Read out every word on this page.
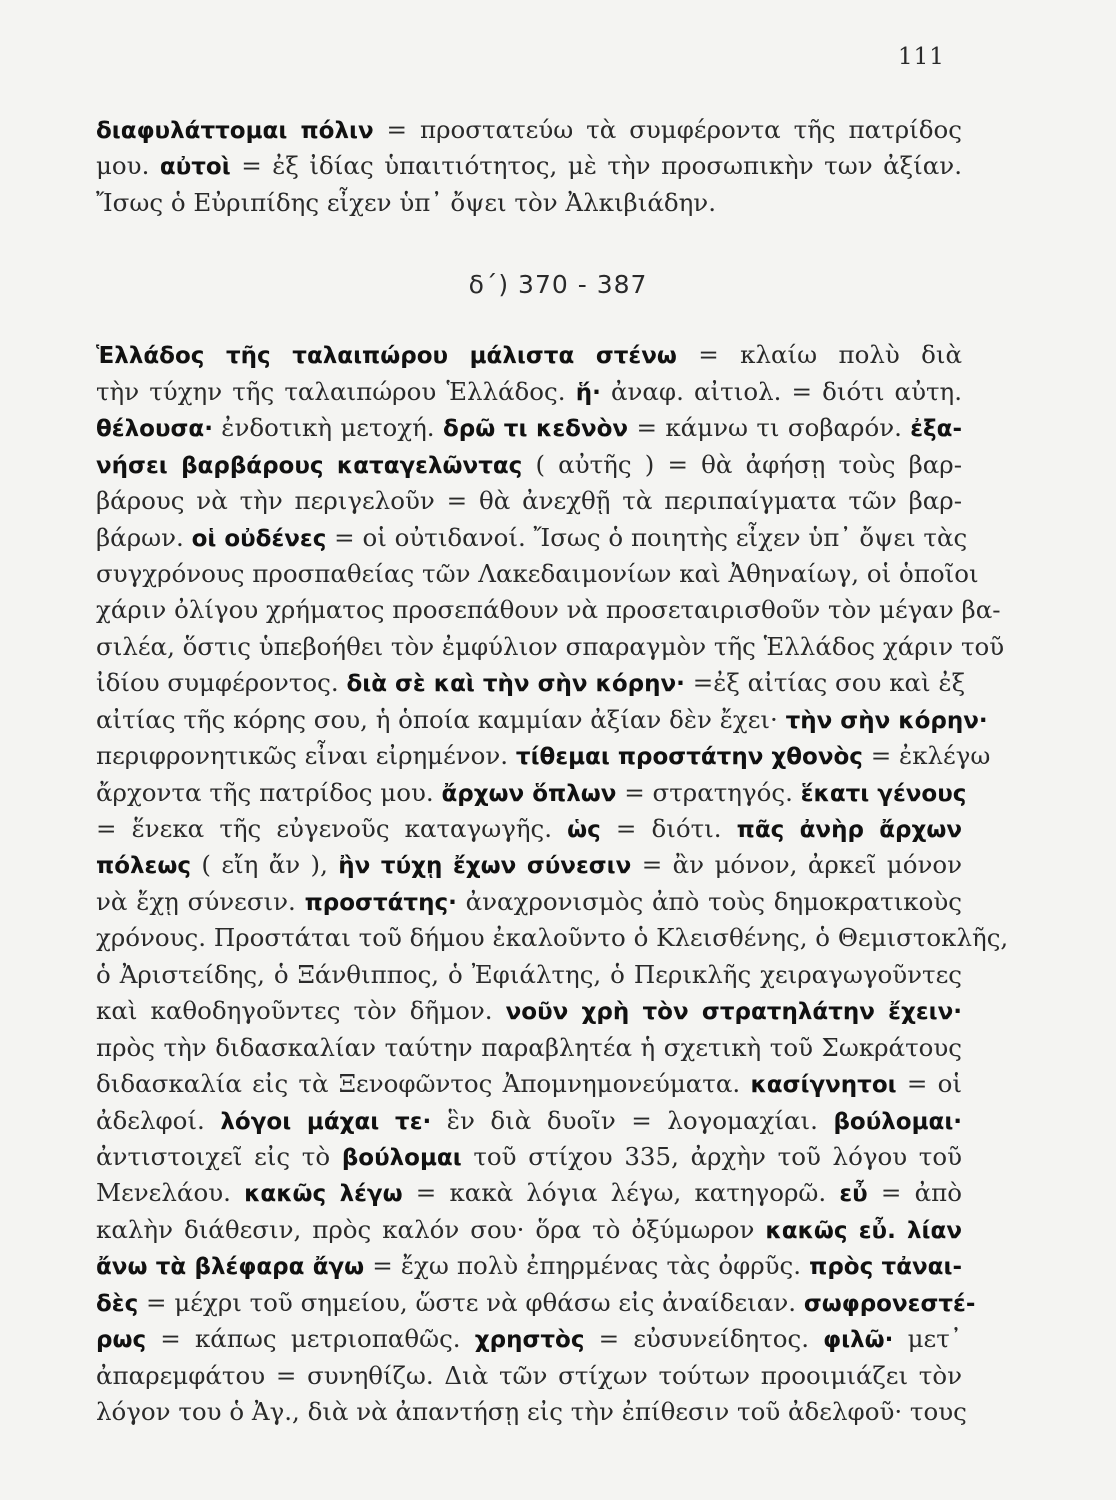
111
δ΄) 370 - 387
διαφυλάττομαι πόλιν = προστατεύω τὰ συμφέροντα τῆς πατρίδος
μου. αὐτοὶ = ἐξ ἰδίας ὑπαιτιότητος, μὲ τὴν προσωπικὴν των ἀξίαν.
Ἴσως ὁ Εὐριπίδης εἶχεν ὑπ᾽ ὄψει τὸν Ἀλκιβιάδην.
Ἑλλάδος τῆς ταλαιπώρου μάλιστα στένω = κλαίω πολὺ διὰ
τὴν τύχην τῆς ταλαιπώρου Ἑλλάδος. ἥ· ἀναφ. αἰτιολ. = διότι αὐτη.
θέλουσα· ἐνδοτικὴ μετοχή. δρῶ τι κεδνὸν = κάμνω τι σοβαρόν. ἐξα-
νήσει βαρβάρους καταγελῶντας ( αὐτῆς ) = θὰ ἀφήσῃ τοὺς βαρ-
βάρους νὰ τὴν περιγελοῦν = θὰ ἀνεχθῇ τὰ περιπαίγματα τῶν βαρ-
βάρων. οἱ οὐδένες = οἱ οὐτιδανοί. Ἴσως ὁ ποιητὴς εἶχεν ὑπ᾽ ὄψει τὰς
συγχρόνους προσπαθείας τῶν Λακεδαιμονίων καὶ Ἀθηναίωγ, οἱ ὁποῖοι
χάριν ὀλίγου χρήματος προσεπάθουν νὰ προσεταιρισθοῦν τὸν μέγαν βα-
σιλέα, ὅστις ὑπεβοήθει τὸν ἐμφύλιον σπαραγμὸν τῆς Ἑλλάδος χάριν τοῦ
ἰδίου συμφέροντος. διὰ σὲ καὶ τὴν σὴν κόρην· =ἐξ αἰτίας σου καὶ ἐξ
αἰτίας τῆς κόρης σου, ἡ ὁποία καμμίαν ἀξίαν δὲν ἔχει· τὴν σὴν κόρην·
περιφρονητικῶς εἶναι εἰρημένον. τίθεμαι προστάτην χθονὸς = ἐκλέγω
ἄρχοντα τῆς πατρίδος μου. ἄρχων ὅπλων = στρατηγός. ἕκατι γένους
= ἕνεκα τῆς εὐγενοῦς καταγωγῆς. ὡς = διότι. πᾶς ἀνὴρ ἄρχων
πόλεως ( εἴη ἄν ), ἢν τύχῃ ἔχων σύνεσιν = ἂν μόνον, ἀρκεῖ μόνον
νὰ ἔχῃ σύνεσιν. προστάτης· ἀναχρονισμὸς ἀπὸ τοὺς δημοκρατικοὺς
χρόνους. Προστάται τοῦ δήμου ἐκαλοῦντο ὁ Κλεισθένης, ὁ Θεμιστοκλῆς,
ὁ Ἀριστείδης, ὁ Ξάνθιππος, ὁ Ἐφιάλτης, ὁ Περικλῆς χειραγωγοῦντες
καὶ καθοδηγοῦντες τὸν δῆμον. νοῦν χρὴ τὸν στρατηλάτην ἔχειν·
πρὸς τὴν διδασκαλίαν ταύτην παραβλητέα ἡ σχετικὴ τοῦ Σωκράτους
διδασκαλία εἰς τὰ Ξενοφῶντος Ἀπομνημονεύματα. κασίγνητοι = οἱ
ἀδελφοί. λόγοι μάχαι τε· ἓν διὰ δυοῖν = λογομαχίαι. βούλομαι·
ἀντιστοιχεῖ εἰς τὸ βούλομαι τοῦ στίχου 335, ἀρχὴν τοῦ λόγου τοῦ
Μενελάου. κακῶς λέγω = κακὰ λόγια λέγω, κατηγορῶ. εὖ = ἀπὸ
καλὴν διάθεσιν, πρὸς καλόν σου· ὅρα τὸ ὀξύμωρον κακῶς εὖ. λίαν
ἄνω τὰ βλέφαρα ἄγω = ἔχω πολὺ ἐπηρμένας τὰς ὀφρῦς. πρὸς τἀναι-
δὲς = μέχρι τοῦ σημείου, ὥστε νὰ φθάσω εἰς ἀναίδειαν. σωφρονεστέ-
ρως = κάπως μετριοπαθῶς. χρηστὸς = εὐσυνείδητος. φιλῶ· μετ᾽
ἀπαρεμφάτου = συνηθίζω. Διὰ τῶν στίχων τούτων προοιμιάζει τὸν
λόγον του ὁ Ἀγ., διὰ νὰ ἀπαντήσῃ εἰς τὴν ἐπίθεσιν τοῦ ἀδελφοῦ· τους
